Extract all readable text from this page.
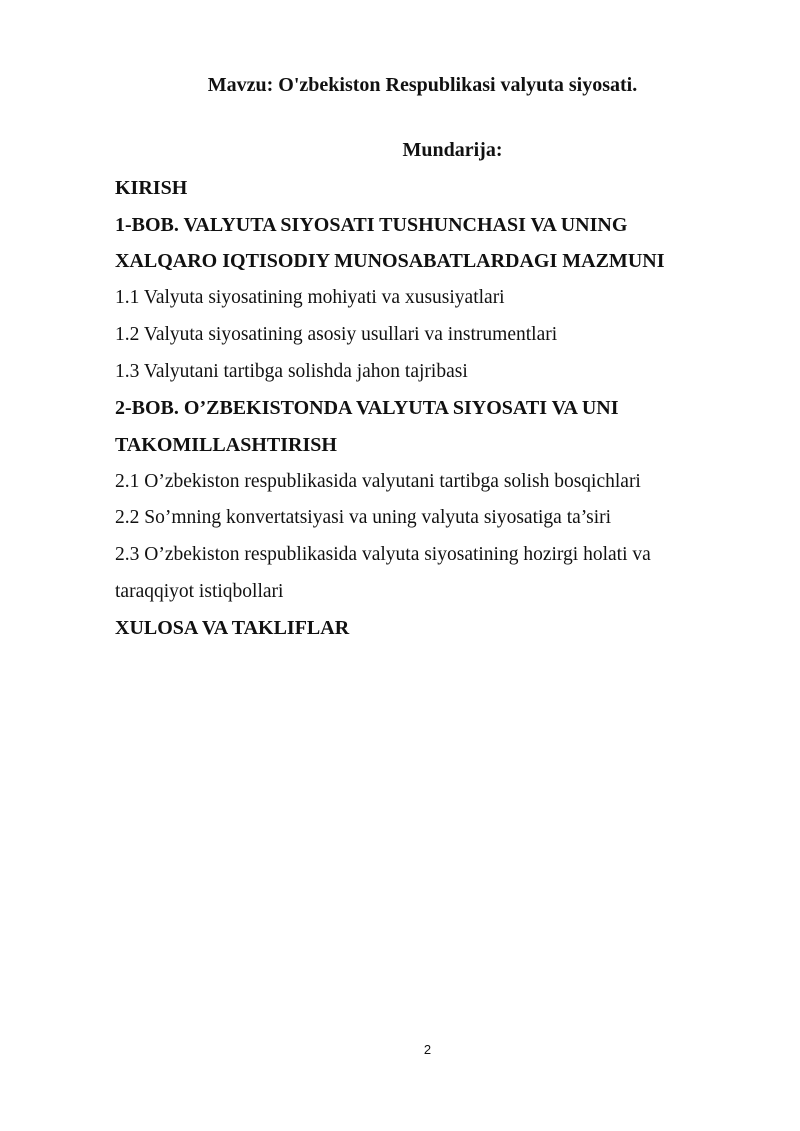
Mavzu: O'zbekiston Respublikasi valyuta siyosati.
Mundarija:
KIRISH
1-BOB. VALYUTA SIYOSATI TUSHUNCHASI VA UNING
XALQARO IQTISODIY MUNOSABATLARDAGI MAZMUNI
1.1 Valyuta siyosatining mohiyati va xususiyatlari
1.2 Valyuta siyosatining asosiy usullari va instrumentlari
1.3 Valyutani tartibga solishda jahon tajribasi
2-BOB. O’ZBEKISTONDA VALYUTA SIYOSATI VA UNI
TAKOMILLASHTIRISH
2.1 O’zbekiston respublikasida valyutani tartibga solish bosqichlari
2.2 So’mning konvertatsiyasi va uning valyuta siyosatiga ta’siri
2.3 O’zbekiston respublikasida valyuta siyosatining hozirgi holati va
taraqqiyot istiqbollari
XULOSA VA TAKLIFLAR
2
